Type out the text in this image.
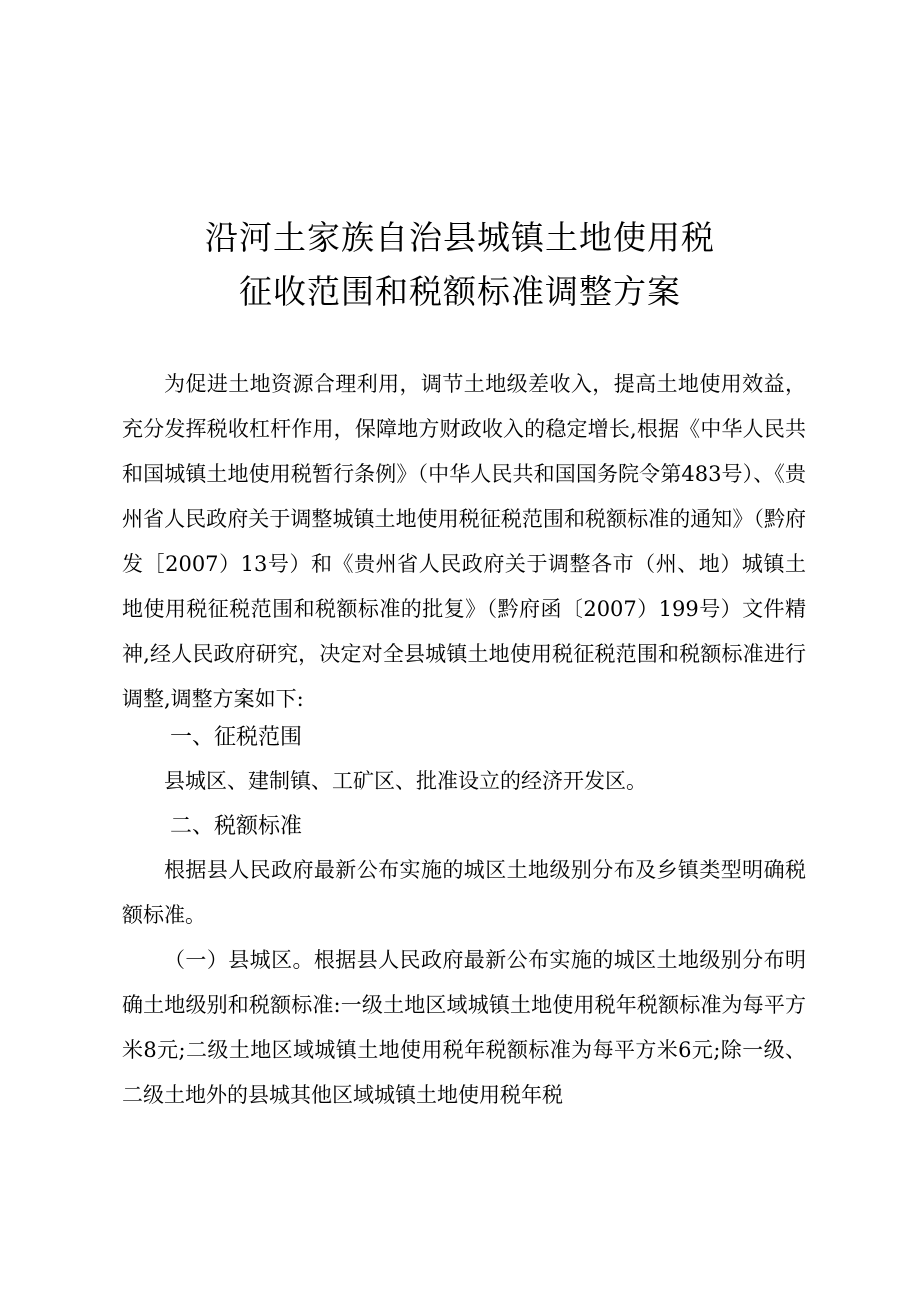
沿河土家族自治县城镇土地使用税
征收范围和税额标准调整方案

为促进土地资源合理利用，调节土地级差收入，提高土地使用效益，充分发挥税收杠杆作用，保障地方财政收入的稳定增长,根据《中华人民共和国城镇土地使用税暂行条例》（中华人民共和国国务院令第483号）、《贵州省人民政府关于调整城镇土地使用税征税范围和税额标准的通知》（黔府发［2007）13号）和《贵州省人民政府关于调整各市（州、地）城镇土地使用税征税范围和税额标准的批复》（黔府函〔2007）199号）文件精神,经人民政府研究，决定对全县城镇土地使用税征税范围和税额标准进行调整,调整方案如下:

一、征税范围

县城区、建制镇、工矿区、批准设立的经济开发区。

二、税额标准

根据县人民政府最新公布实施的城区土地级别分布及乡镇类型明确税额标准。

（一）县城区。根据县人民政府最新公布实施的城区土地级别分布明确土地级别和税额标准:一级土地区域城镇土地使用税年税额标准为每平方米8元;二级土地区域城镇土地使用税年税额标准为每平方米6元;除一级、二级土地外的县城其他区域城镇土地使用税年税
